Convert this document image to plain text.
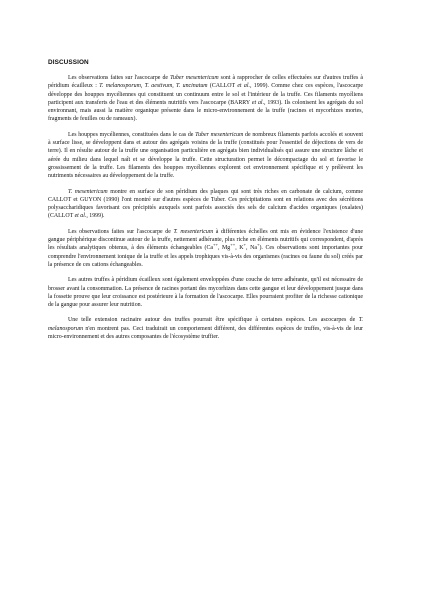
DISCUSSION

Les observations faites sur l'ascocarpe de Tuber mesentericum sont à rapprocher de celles effectuées sur d'autres truffes à péridium écailleux : T. melanosporum, T. aestivum, T. uncinatum (CALLOT et al., 1999). Comme chez ces espèces, l'ascocarpe développe des houppes mycéliennes qui constituent un continuum entre le sol et l'intérieur de la truffe. Ces filaments mycéliens participent aux transferts de l'eau et des éléments nutritifs vers l'ascocarpe (BARRY et al., 1993). Ils colonisent les agrégats du sol environnant, mais aussi la matière organique présente dans le micro-environnement de la truffe (racines et mycorhizes mortes, fragments de feuilles ou de rameaux).

Les houppes mycéliennes, constituées dans le cas de Tuber mesentericum de nombreux filaments parfois accolés et souvent à surface lisse, se développent dans et autour des agrégats voisins de la truffe (constitués pour l'essentiel de déjections de vers de terre). Il en résulte autour de la truffe une organisation particulière en agrégats bien individualisés qui assure une structure lâche et aérée du milieu dans lequel naît et se développe la truffe. Cette structuration permet le décompactage du sol et favorise le grossissement de la truffe. Les filaments des houppes mycéliennes explorent cet environnement spécifique et y prélèvent les nutriments nécessaires au développement de la truffe.

T. mesentericum montre en surface de son péridium des plaques qui sont très riches en carbonate de calcium, comme CALLOT et GUYON (1990) l'ont montré sur d'autres espèces de Tuber. Ces précipitations sont en relations avec des sécrétions polysaccharidiques favorisant ces précipités auxquels sont parfois associés des sels de calcium d'acides organiques (oxalates) (CALLOT et al., 1999).

Les observations faites sur l'ascocarpe de T. mesentericum à différentes échelles ont mis en évidence l'existence d'une gangue périphérique discontinue autour de la truffe, nettement adhérante, plus riche en éléments nutritifs qui correspondent, d'après les résultats analytiques obtenus, à des éléments échangeables (Ca++, Mg++, K+, Na+). Ces observations sont importantes pour comprendre l'environnement ionique de la truffe et les appels trophiques vis-à-vis des organismes (racines ou faune du sol) créés par la présence de ces cations échangeables.

Les autres truffes à péridium écailleux sont également enveloppées d'une couche de terre adhérante, qu'il est nécessaire de brosser avant la consommation. La présence de racines portant des mycorhizes dans cette gangue et leur développement jusque dans la fossette prouve que leur croissance est postérieure à la formation de l'ascocarpe. Elles pourraient profiter de la richesse cationique de la gangue pour assurer leur nutrition.

Une telle extension racinaire autour des truffes pourrait être spécifique à certaines espèces. Les ascocarpes de T. melanosporum n'en montrent pas. Ceci traduirait un comportement différent, des différentes espèces de truffes, vis-à-vis de leur micro-environnement et des autres composantes de l'écosystème truffier.
